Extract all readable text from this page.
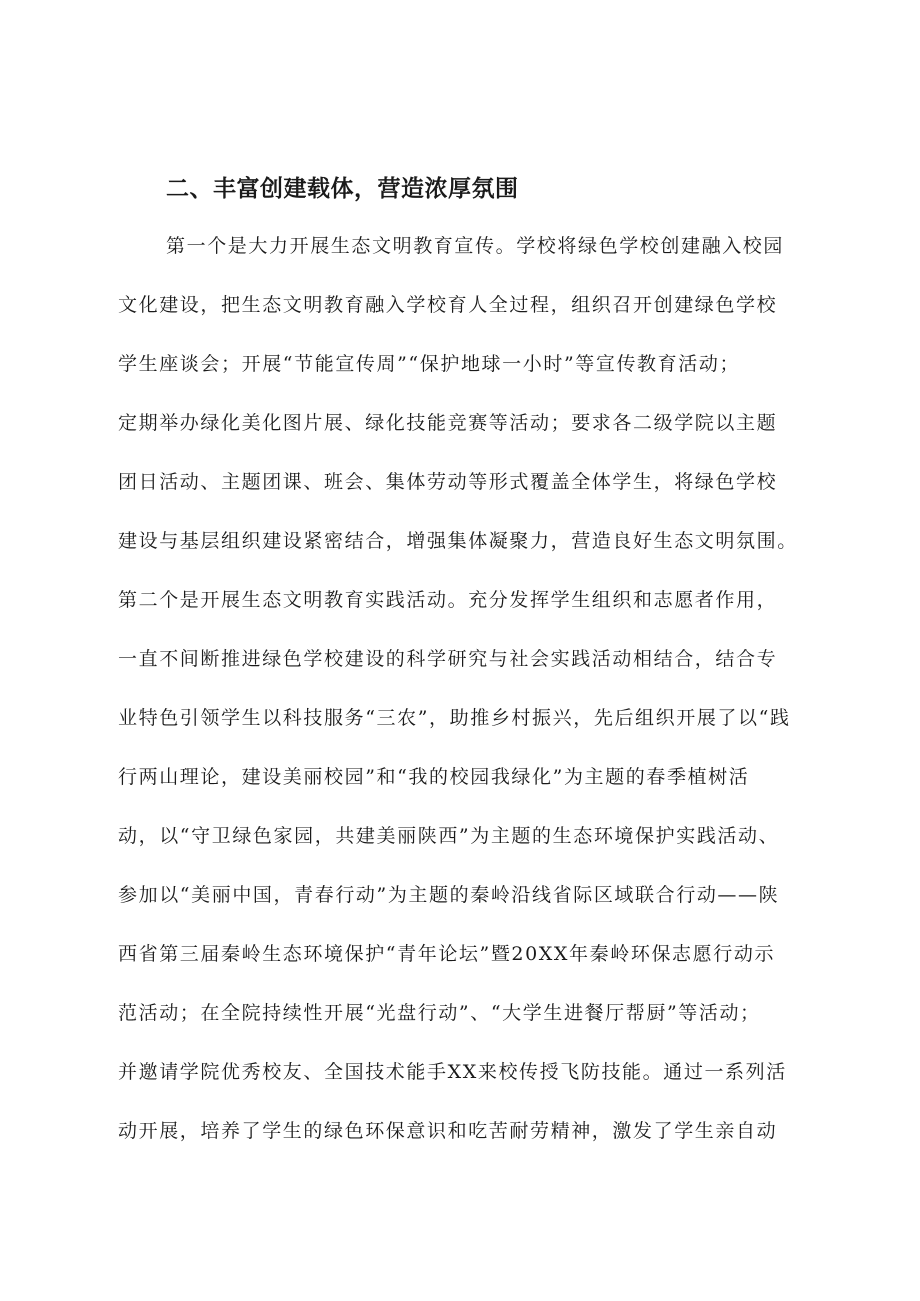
二、丰富创建载体，营造浓厚氛围
第一个是大力开展生态文明教育宣传。学校将绿色学校创建融入校园
文化建设，把生态文明教育融入学校育人全过程，组织召开创建绿色学校
学生座谈会；开展“节能宣传周”“保护地球一小时”等宣传教育活动；
定期举办绿化美化图片展、绿化技能竞赛等活动；要求各二级学院以主题
团日活动、主题团课、班会、集体劳动等形式覆盖全体学生，将绿色学校
建设与基层组织建设紧密结合，增强集体凝聚力，营造良好生态文明氛围。
第二个是开展生态文明教育实践活动。充分发挥学生组织和志愿者作用，
一直不间断推进绿色学校建设的科学研究与社会实践活动相结合，结合专
业特色引领学生以科技服务“三农”，助推乡村振兴，先后组织开展了以“践
行两山理论，建设美丽校园”和“我的校园我绿化”为主题的春季植树活
动，以“守卫绿色家园，共建美丽陕西”为主题的生态环境保护实践活动、
参加以“美丽中国，青春行动”为主题的秦岭沿线省际区域联合行动——陕
西省第三届秦岭生态环境保护“青年论坛”暨20XX年秦岭环保志愿行动示
范活动；在全院持续性开展“光盘行动”、“大学生进餐厅帮厨”等活动；
并邀请学院优秀校友、全国技术能手XX来校传授飞防技能。通过一系列活
动开展，培养了学生的绿色环保意识和吃苦耐劳精神，激发了学生亲自动
